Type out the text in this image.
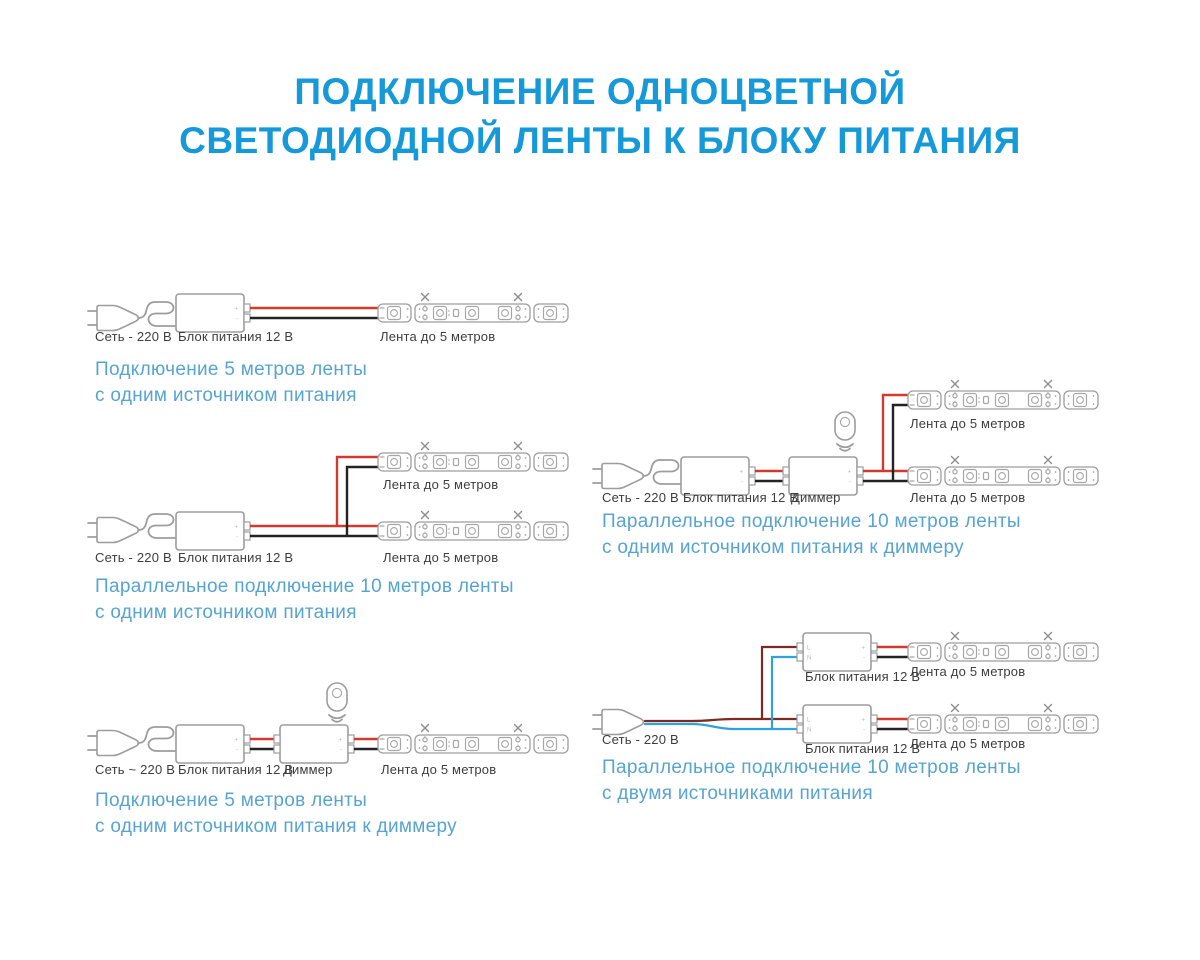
ПОДКЛЮЧЕНИЕ ОДНОЦВЕТНОЙ
СВЕТОДИОДНОЙ ЛЕНТЫ К БЛОКУ ПИТАНИЯ
+
-
Сеть - 220 В Блок питания 12 В	Лента до 5 метров
Подключение 5 метров ленты
с одним источником питания
+
-
Лента до 5 метров
Сеть - 220 В Блок питания 12 В	Лента до 5 метров
Параллельное подключение 10 метров ленты
с одним источником питания
+
-
+
-
Сеть ~ 220 В Блок питания 12 В
Диммер	Лента до 5 метров
Подключение 5 метров ленты
с одним источником питания к диммеру
+
-
+
-
Лента до 5 метров
Сеть - 220 В Блок питания 12 В
Диммер	Лента до 5 метров
Параллельное подключение 10 метров ленты
с одним источником питания к диммеру
L
N
+
-
L
N
+
-
Лента до 5 метров
Блок питания 12 В
Сеть - 220 В	Лента до 5 метров
Блок питания 12 В
Параллельное подключение 10 метров ленты
с двумя источниками питания
